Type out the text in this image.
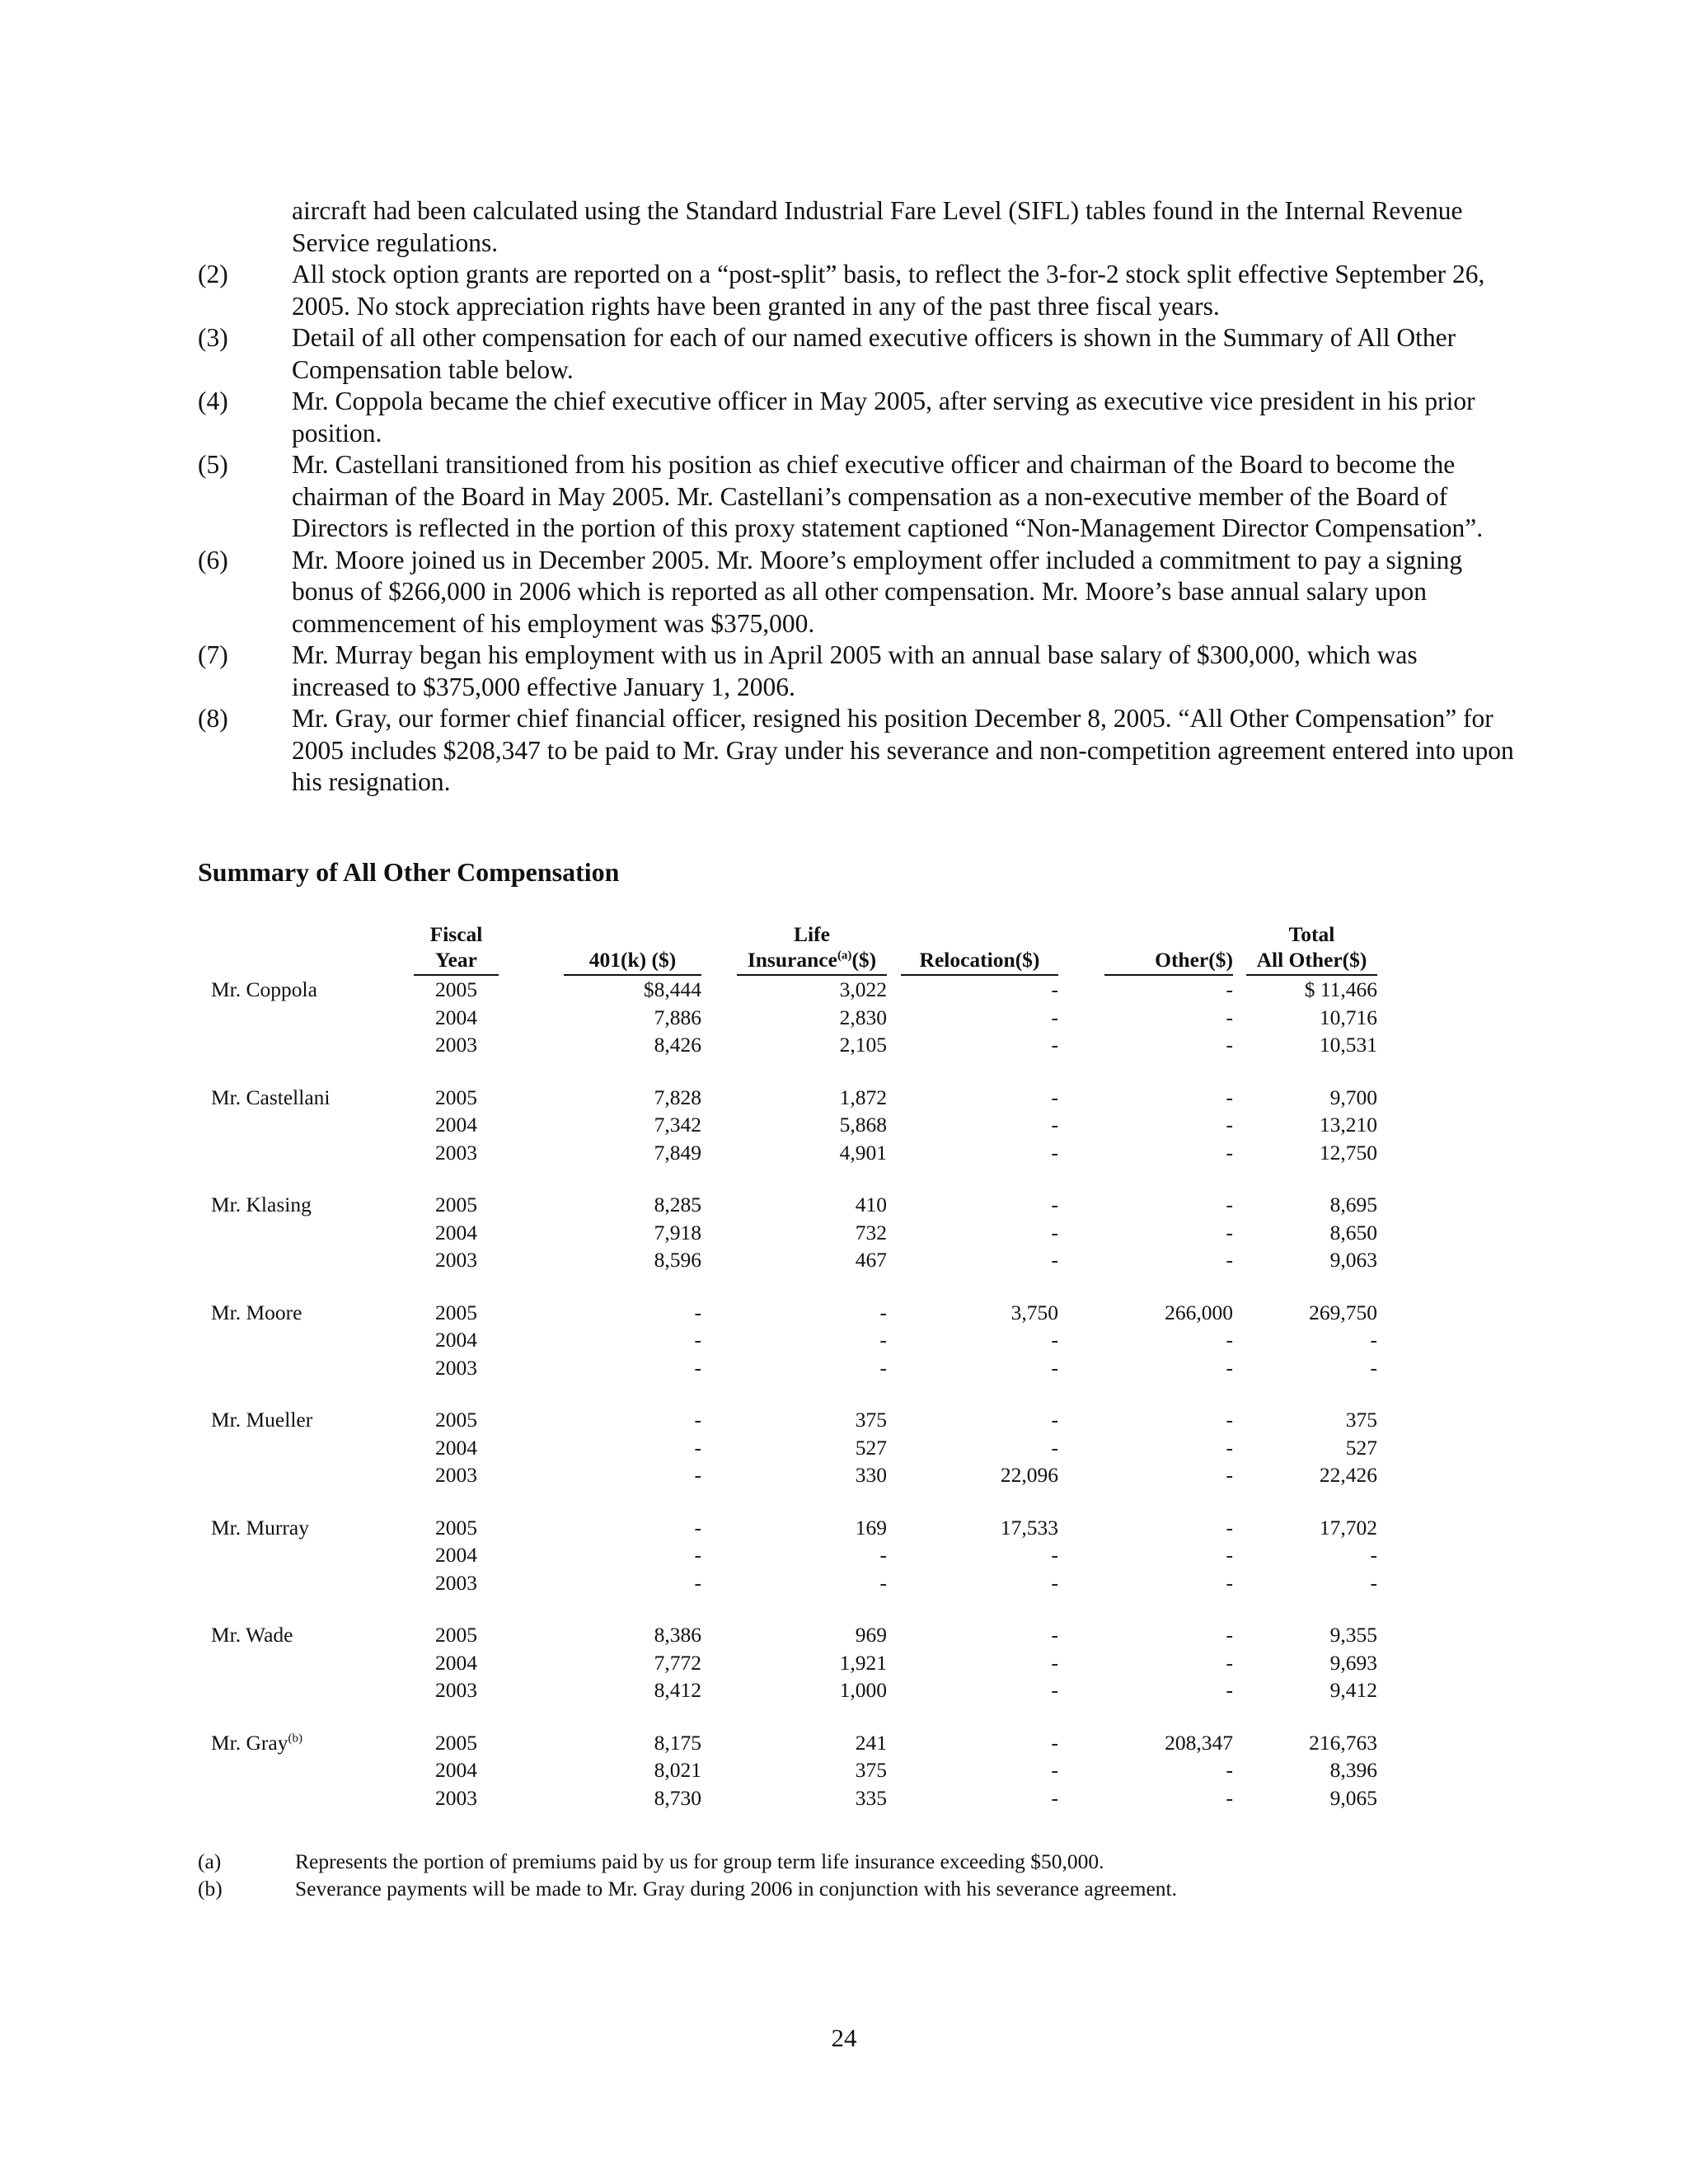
aircraft had been calculated using the Standard Industrial Fare Level (SIFL) tables found in the Internal Revenue Service regulations.
(2) All stock option grants are reported on a “post-split” basis, to reflect the 3-for-2 stock split effective September 26, 2005. No stock appreciation rights have been granted in any of the past three fiscal years.
(3) Detail of all other compensation for each of our named executive officers is shown in the Summary of All Other Compensation table below.
(4) Mr. Coppola became the chief executive officer in May 2005, after serving as executive vice president in his prior position.
(5) Mr. Castellani transitioned from his position as chief executive officer and chairman of the Board to become the chairman of the Board in May 2005. Mr. Castellani’s compensation as a non-executive member of the Board of Directors is reflected in the portion of this proxy statement captioned “Non-Management Director Compensation”.
(6) Mr. Moore joined us in December 2005. Mr. Moore’s employment offer included a commitment to pay a signing bonus of $266,000 in 2006 which is reported as all other compensation. Mr. Moore’s base annual salary upon commencement of his employment was $375,000.
(7) Mr. Murray began his employment with us in April 2005 with an annual base salary of $300,000, which was increased to $375,000 effective January 1, 2006.
(8) Mr. Gray, our former chief financial officer, resigned his position December 8, 2005. “All Other Compensation” for 2005 includes $208,347 to be paid to Mr. Gray under his severance and non-competition agreement entered into upon his resignation.
Summary of All Other Compensation
	Fiscal				Life						Total
	Year		401(k) ($)		Insurance$^{(a)}$($)		Relocation($)		Other($)		All Other($)
Mr. Coppola	2005		$8,444		3,022		-		-		$ 11,466
	2004		7,886		2,830		-		-		10,716
	2003		8,426		2,105		-		-		10,531

Mr. Castellani	2005		7,828		1,872		-		-		9,700
	2004		7,342		5,868		-		-		13,210
	2003		7,849		4,901		-		-		12,750

Mr. Klasing	2005		8,285		410		-		-		8,695
	2004		7,918		732		-		-		8,650
	2003		8,596		467		-		-		9,063

Mr. Moore	2005		-		-		3,750		266,000		269,750
	2004		-		-		-		-		-
	2003		-		-		-		-		-

Mr. Mueller	2005		-		375		-		-		375
	2004		-		527		-		-		527
	2003		-		330		22,096		-		22,426

Mr. Murray	2005		-		169		17,533		-		17,702
	2004		-		-		-		-		-
	2003		-		-		-		-		-

Mr. Wade	2005		8,386		969		-		-		9,355
	2004		7,772		1,921		-		-		9,693
	2003		8,412		1,000		-		-		9,412

Mr. Gray$^{(b)}$	2005		8,175		241		-		208,347		216,763
	2004		8,021		375		-		-		8,396
	2003		8,730		335		-		-		9,065
(a)	Represents the portion of premiums paid by us for group term life insurance exceeding $50,000.
(b)	Severance payments will be made to Mr. Gray during 2006 in conjunction with his severance agreement.
24
